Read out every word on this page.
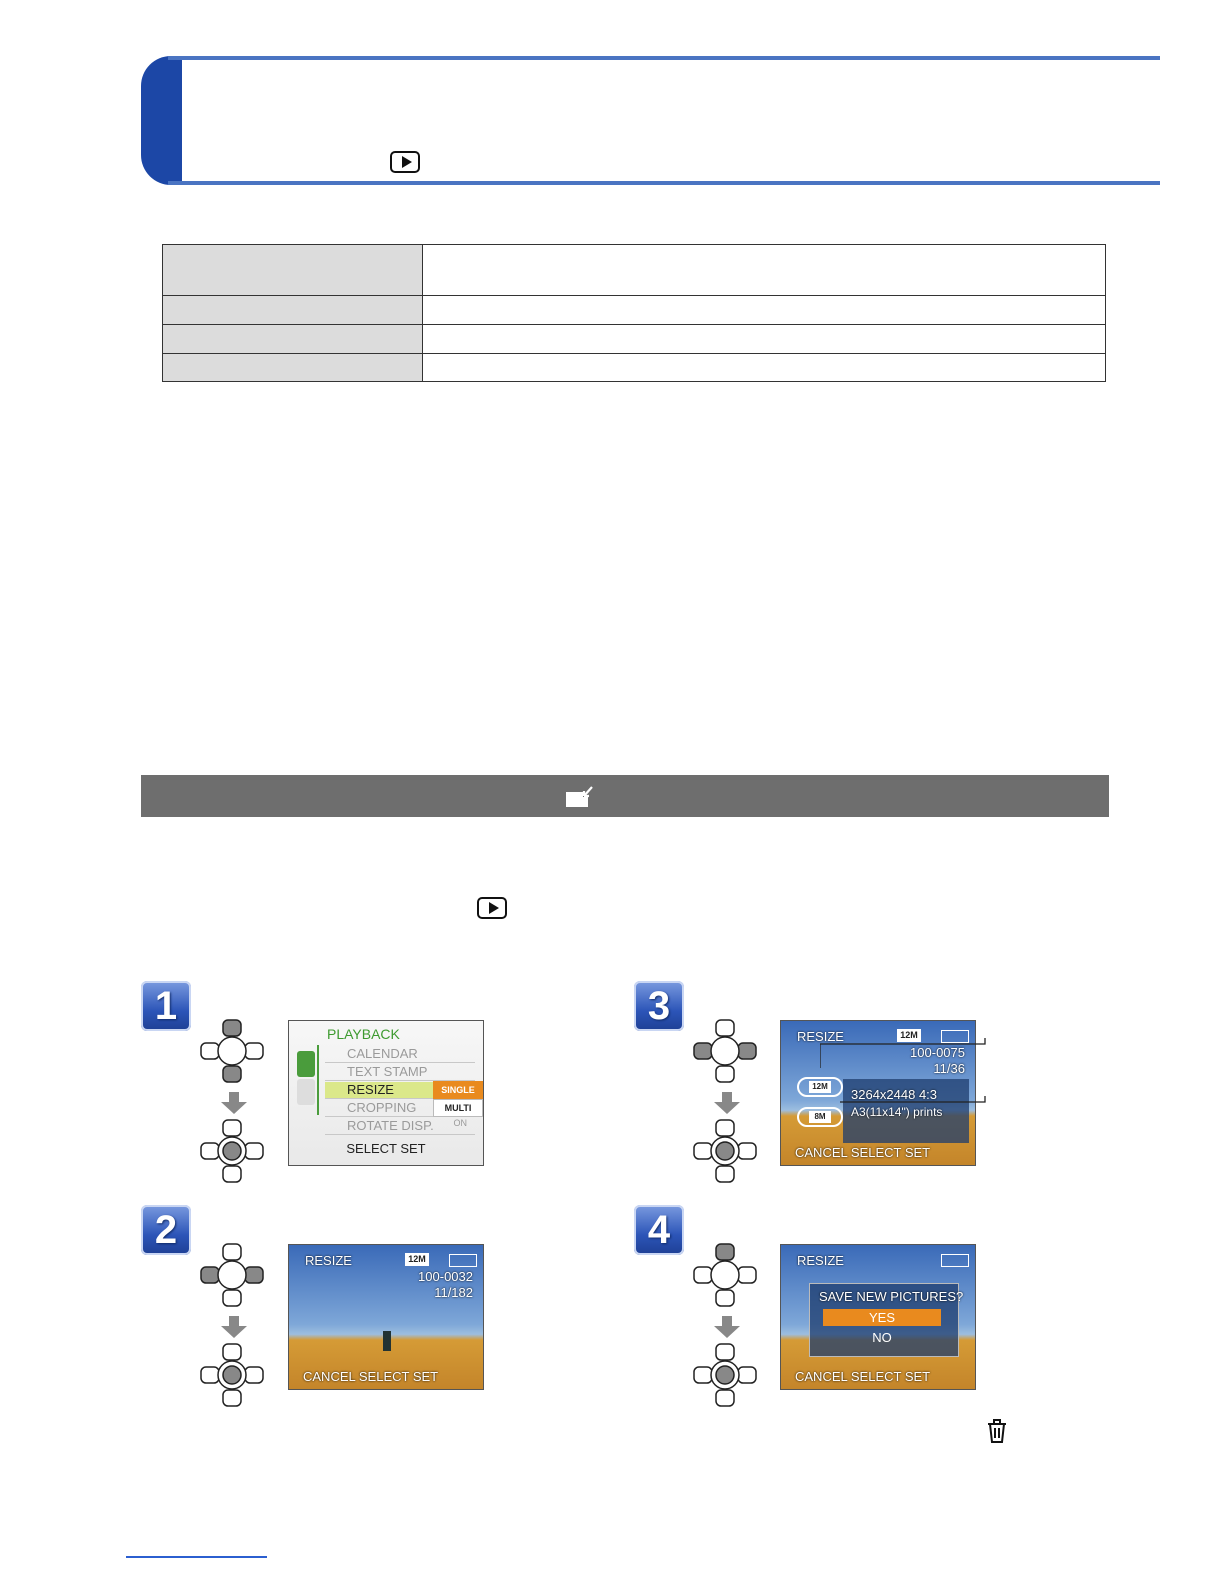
1
2
3
4
PLAYBACK
CALENDAR
TEXT STAMP
RESIZE
CROPPING
ROTATE DISP. ON
SINGLE
MULTI
SELECT SET
RESIZE	12M
100-0032
11/182
CANCEL SELECT SET
RESIZE	12M
100-0075
11/36
12M
8M
3264x2448 4:3
A3(11x14") prints
CANCEL SELECT SET
RESIZE
SAVE NEW PICTURES?
YES
NO
CANCEL SELECT SET
